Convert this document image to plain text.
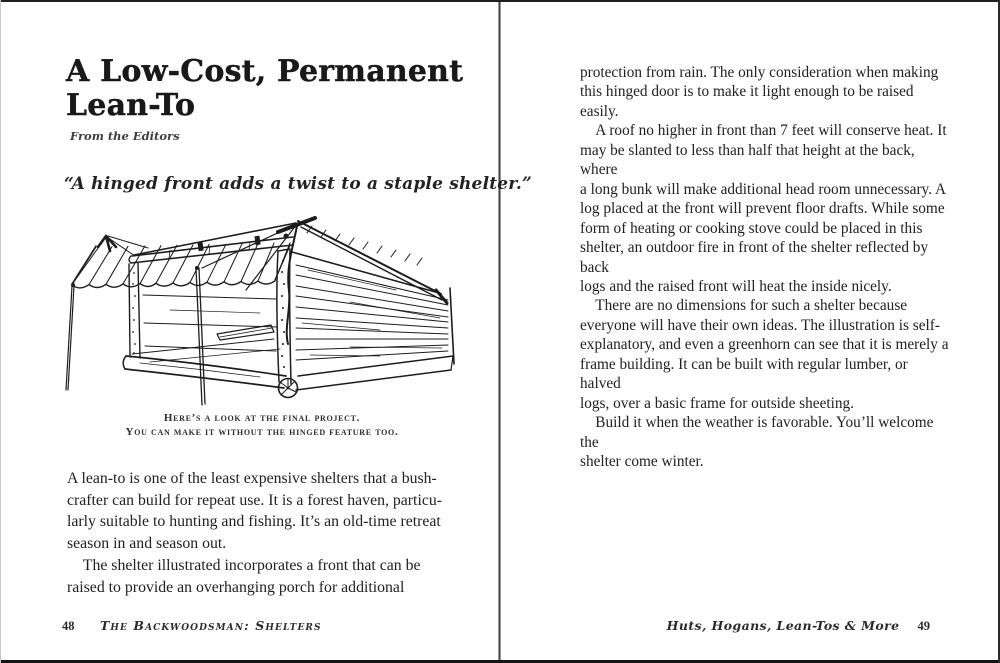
A Low-Cost, Permanent
Lean-To
From the Editors
“A hinged front adds a twist to a staple shelter.”
Here’s a look at the final project.
You can make it without the hinged feature too.
A lean-to is one of the least expensive shelters that a bush-
crafter can build for repeat use. It is a forest haven, particu-
larly suitable to hunting and fishing. It’s an old-time retreat
season in and season out.
The shelter illustrated incorporates a front that can be
raised to provide an overhanging porch for additional
48 The Backwoodsman: Shelters
protection from rain. The only consideration when making
this hinged door is to make it light enough to be raised easily.
A roof no higher in front than 7 feet will conserve heat. It
may be slanted to less than half that height at the back, where
a long bunk will make additional head room unnecessary. A
log placed at the front will prevent floor drafts. While some
form of heating or cooking stove could be placed in this
shelter, an outdoor fire in front of the shelter reflected by back
logs and the raised front will heat the inside nicely.
There are no dimensions for such a shelter because
everyone will have their own ideas. The illustration is self-
explanatory, and even a greenhorn can see that it is merely a
frame building. It can be built with regular lumber, or halved
logs, over a basic frame for outside sheeting.
Build it when the weather is favorable. You’ll welcome the
shelter come winter.
Huts, Hogans, Lean-Tos & More 49
